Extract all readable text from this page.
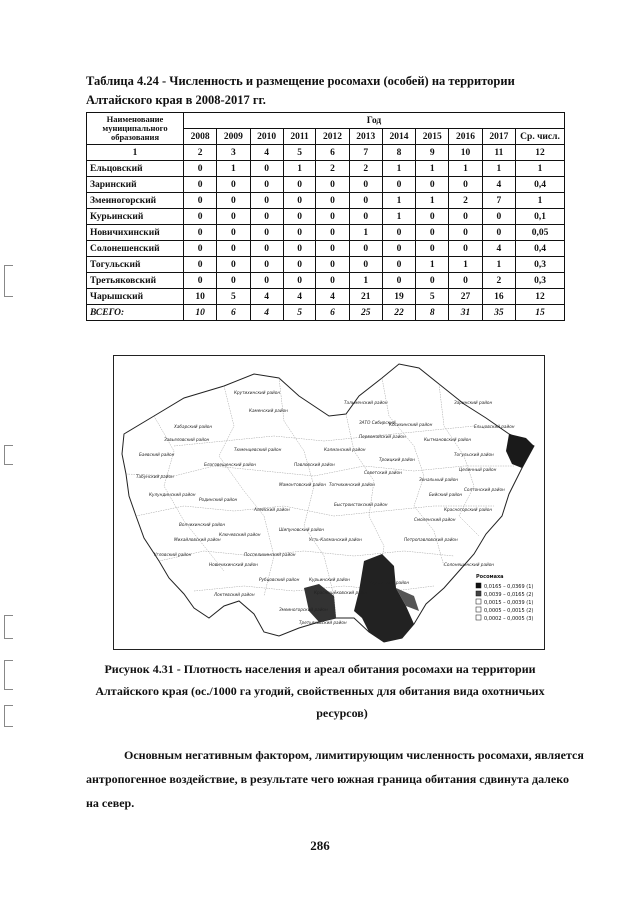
Таблица 4.24 - Численность и размещение росомахи (особей) на территории
Алтайского края в 2008-2017 гг.
Наименование муниципального образования	Год										
	2008	2009	2010	2011	2012	2013	2014	2015	2016	2017	Ср. числ.
1	2	3	4	5	6	7	8	9	10	11	12
Ельцовский	0	1	0	1	2	2	1	1	1	1	1
Заринский	0	0	0	0	0	0	0	0	0	4	0,4
Змеиногорский	0	0	0	0	0	0	1	1	2	7	1
Курьинский	0	0	0	0	0	0	1	0	0	0	0,1
Новичихинский	0	0	0	0	0	1	0	0	0	0	0,05
Солонешенский	0	0	0	0	0	0	0	0	0	4	0,4
Тогульский	0	0	0	0	0	0	0	1	1	1	0,3
Третьяковский	0	0	0	0	0	1	0	0	0	2	0,3
Чарышский	10	5	4	4	4	21	19	5	27	16	12
ВСЕГО:	10	6	4	5	6	25	22	8	31	35	15
Крутихинский район
Заринский район
Тальменский район
Каменский район
Хабарский район
ЗАТО Сибирский
Ельцовский район
Завьяловский район
Баевский район
Тюменцевский район
Бийский район
Алейский район
Шипуновский район
Рубцовский район
Змеиногорский район
Чарышский район
Солонешенский район
Курьинский район
Третьяковский район
Тогульский район
Локтевский район
Угловский район
Краснощёковский район
Новичихинский район
Поспелихинский район
Мамонтовский район
Волчихинский район
Кулундинский район
Табунский район
Благовещенский район
Родинский район
Михайловский район
Ключевский район
Калманский район
Троицкий район
Зональный район
Целинный район
Красногорский район
Смоленский район
Петропавловский район
Быстроистокский район
Усть-Калманский район
Топчихинский район
Павловский район
Первомайский район
Кытмановский район
Косихинский район
Советский район
Солтонский район
Росомаха
0,0165 – 0,0369 (1)
0,0039 – 0,0165 (2)
0,0015 – 0,0039 (1)
0,0005 – 0,0015 (2)
0,0002 – 0,0005 (3)
Рисунок 4.31 - Плотность населения и ареал обитания росомахи на территории
Алтайского края (ос./1000 га угодий, свойственных для обитания вида охотничьих
ресурсов)
Основным негативным фактором, лимитирующим численность росомахи, является
антропогенное воздействие, в результате чего южная граница обитания сдвинута далеко
на север.
286
